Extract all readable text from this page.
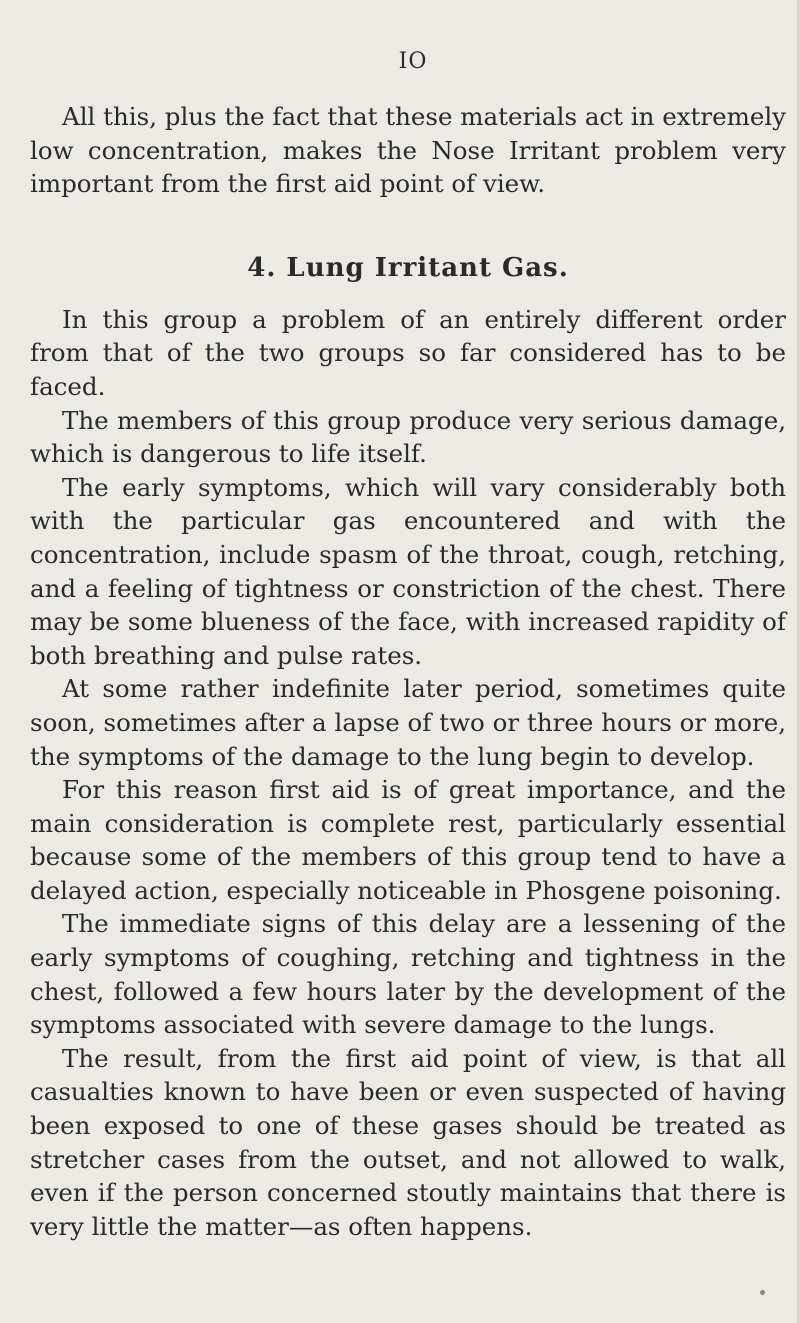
IO

All this, plus the fact that these materials act in extremely low concentration, makes the Nose Irritant problem very important from the first aid point of view.

4. Lung Irritant Gas.

In this group a problem of an entirely different order from that of the two groups so far considered has to be faced.

The members of this group produce very serious damage, which is dangerous to life itself.

The early symptoms, which will vary considerably both with the particular gas encountered and with the concentration, include spasm of the throat, cough, retching, and a feeling of tightness or constriction of the chest. There may be some blueness of the face, with increased rapidity of both breathing and pulse rates.

At some rather indefinite later period, sometimes quite soon, sometimes after a lapse of two or three hours or more, the symptoms of the damage to the lung begin to develop.

For this reason first aid is of great importance, and the main consideration is complete rest, particularly essential because some of the members of this group tend to have a delayed action, especially noticeable in Phosgene poisoning.

The immediate signs of this delay are a lessening of the early symptoms of coughing, retching and tightness in the chest, followed a few hours later by the development of the symptoms associated with severe damage to the lungs.

The result, from the first aid point of view, is that all casualties known to have been or even suspected of having been exposed to one of these gases should be treated as stretcher cases from the outset, and not allowed to walk, even if the person concerned stoutly maintains that there is very little the matter—as often happens.
